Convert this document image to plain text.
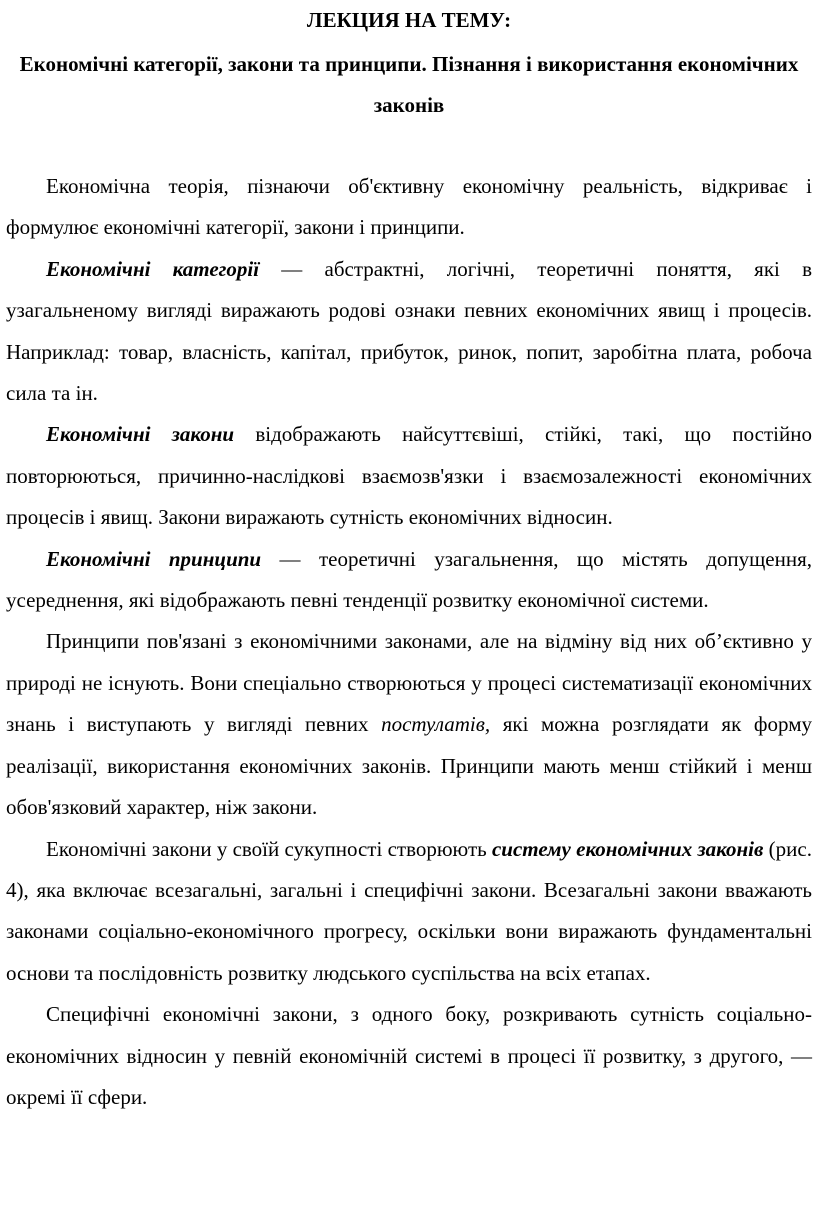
ЛЕКЦИЯ НА ТЕМУ:

Економічні категорії, закони та принципи. Пізнання і використання економічних законів

Економічна теорія, пізнаючи об'єктивну економічну реальність, відкриває і формулює економічні категорії, закони і принципи.

Економічні категорії — абстрактні, логічні, теоретичні поняття, які в узагальненому вигляді виражають родові ознаки певних економічних явищ і процесів. Наприклад: товар, власність, капітал, прибуток, ринок, попит, заробітна плата, робоча сила та ін.

Економічні закони відображають найсуттєвіші, стійкі, такі, що постійно повторюються, причинно-наслідкові взаємозв'язки і взаємозалежності економічних процесів і явищ. Закони виражають сутність економічних відносин.

Економічні принципи — теоретичні узагальнення, що містять допущення, усереднення, які відображають певні тенденції розвитку економічної системи.

Принципи пов'язані з економічними законами, але на відміну від них об’єктивно у природі не існують. Вони спеціально створюються у процесі систематизації економічних знань і виступають у вигляді певних постулатів, які можна розглядати як форму реалізації, використання економічних законів. Принципи мають менш стійкий і менш обов'язковий характер, ніж закони.

Економічні закони у своїй сукупності створюють систему економічних законів (рис. 4), яка включає всезагальні, загальні і специфічні закони. Всезагальні закони вважають законами соціально-економічного прогресу, оскільки вони виражають фундаментальні основи та послідовність розвитку людського суспільства на всіх етапах.

Специфічні економічні закони, з одного боку, розкривають сутність соціально-економічних відносин у певній економічній системі в процесі її розвитку, з другого, — окремі її сфери.
